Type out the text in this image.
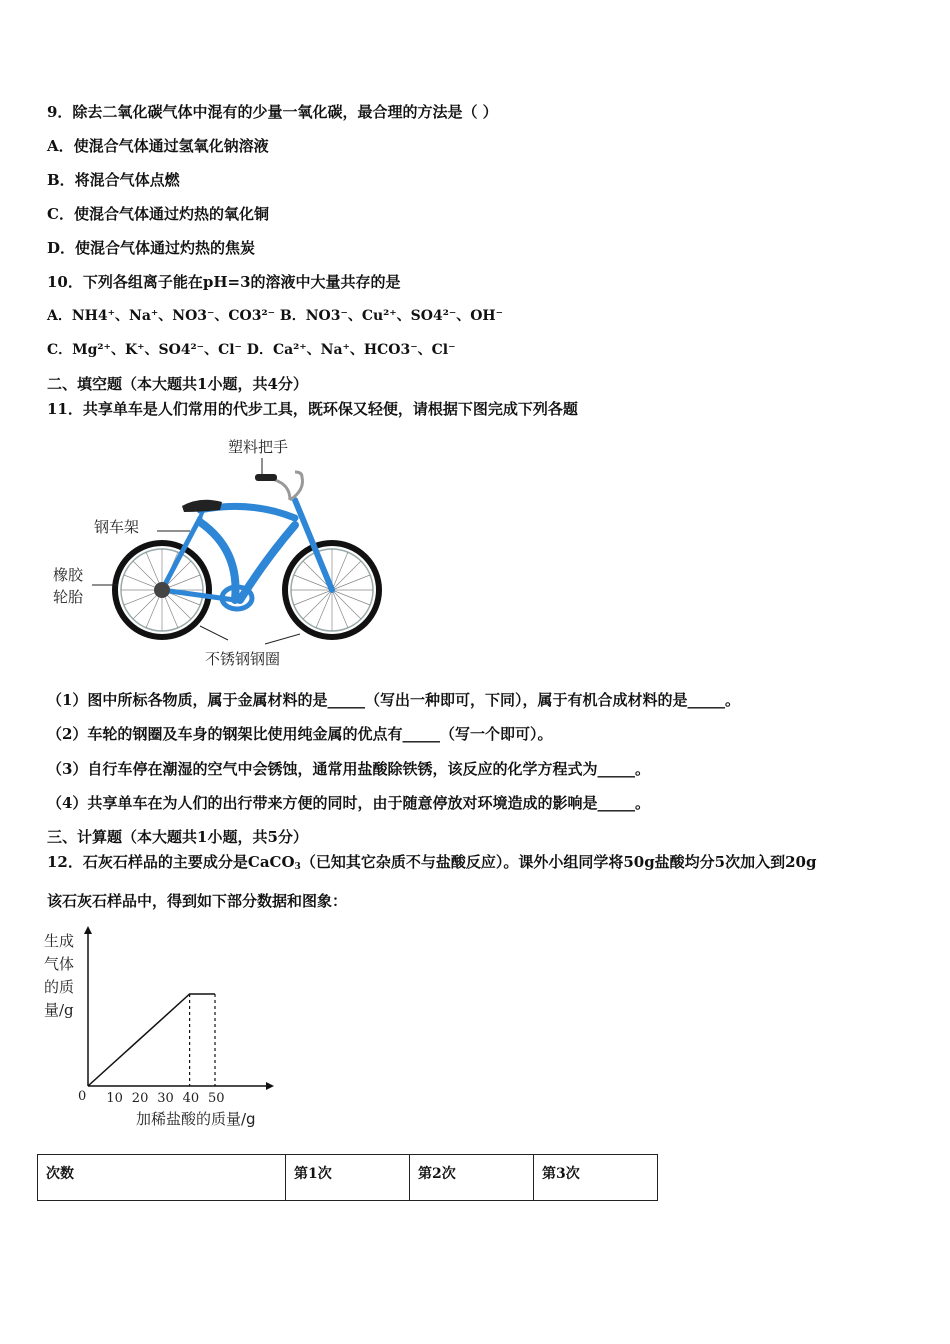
9．除去二氧化碳气体中混有的少量一氧化碳，最合理的方法是（ ）
A．使混合气体通过氢氧化钠溶液
B．将混合气体点燃
C．使混合气体通过灼热的氧化铜
D．使混合气体通过灼热的焦炭
10．下列各组离子能在pH=3的溶液中大量共存的是
A．NH4⁺、Na⁺、NO3⁻、CO3²⁻ B．NO3⁻、Cu²⁺、SO4²⁻、OH⁻
C．Mg²⁺、K⁺、SO4²⁻、Cl⁻ D．Ca²⁺、Na⁺、HCO3⁻、Cl⁻
二、填空题（本大题共1小题，共4分）
11．共享单车是人们常用的代步工具，既环保又轻便，请根据下图完成下列各题
塑料把手
钢车架
橡胶
轮胎
不锈钢钢圈
（1）图中所标各物质，属于金属材料的是_____（写出一种即可，下同），属于有机合成材料的是_____。
（2）车轮的钢圈及车身的钢架比使用纯金属的优点有_____（写一个即可）。
（3）自行车停在潮湿的空气中会锈蚀，通常用盐酸除铁锈，该反应的化学方程式为_____。
（4）共享单车在为人们的出行带来方便的同时，由于随意停放对环境造成的影响是_____。
三、计算题（本大题共1小题，共5分）
12．石灰石样品的主要成分是CaCO$_3$（已知其它杂质不与盐酸反应）。课外小组同学将50g盐酸均分5次加入到20g
该石灰石样品中，得到如下部分数据和图象：
生成
气体
的质
量/g
0 10 20 30 40 50
加稀盐酸的质量/g
次数	第1次	第2次	第3次
